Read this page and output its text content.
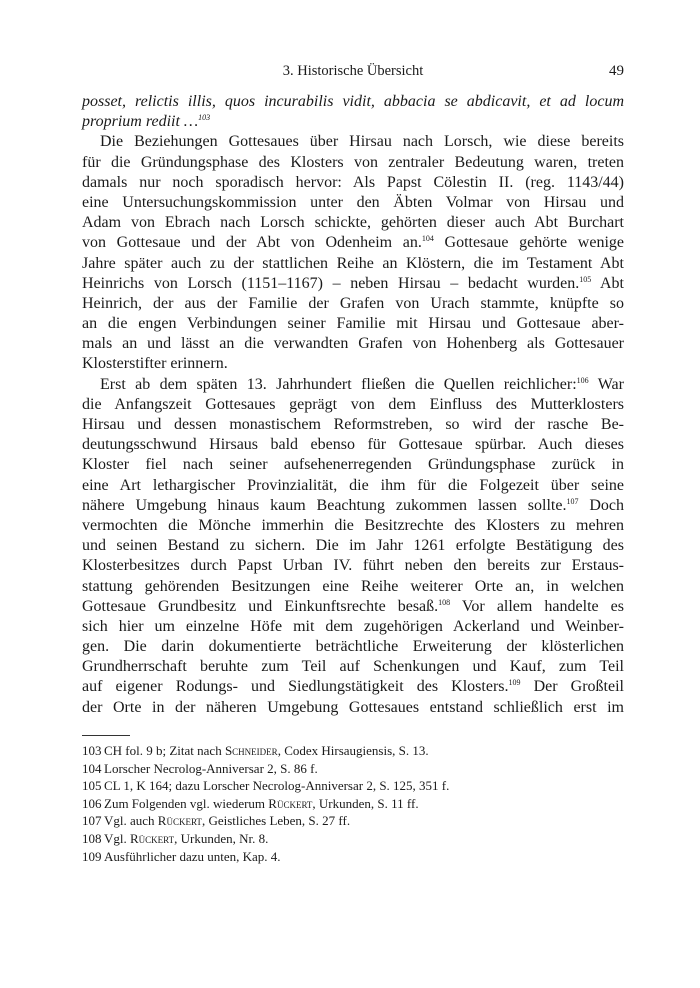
3. Historische Übersicht	49
posset, relictis illis, quos incurabilis vidit, abbacia se abdicavit, et ad locum
proprium rediit …$^{103}$
Die Beziehungen Gottesaues über Hirsau nach Lorsch, wie diese bereits
für die Gründungsphase des Klosters von zentraler Bedeutung waren, treten
damals nur noch sporadisch hervor: Als Papst Cölestin II. (reg. 1143/44)
eine Untersuchungskommission unter den Äbten Volmar von Hirsau und
Adam von Ebrach nach Lorsch schickte, gehörten dieser auch Abt Burchart
von Gottesaue und der Abt von Odenheim an.$^{104}$ Gottesaue gehörte wenige
Jahre später auch zu der stattlichen Reihe an Klöstern, die im Testament Abt
Heinrichs von Lorsch (1151–1167) – neben Hirsau – bedacht wurden.$^{105}$ Abt
Heinrich, der aus der Familie der Grafen von Urach stammte, knüpfte so
an die engen Verbindungen seiner Familie mit Hirsau und Gottesaue aber-
mals an und lässt an die verwandten Grafen von Hohenberg als Gottesauer
Klosterstifter erinnern.
Erst ab dem späten 13. Jahrhundert fließen die Quellen reichlicher:$^{106}$ War
die Anfangszeit Gottesaues geprägt von dem Einfluss des Mutterklosters
Hirsau und dessen monastischem Reformstreben, so wird der rasche Be-
deutungsschwund Hirsaus bald ebenso für Gottesaue spürbar. Auch dieses
Kloster fiel nach seiner aufsehenerregenden Gründungsphase zurück in
eine Art lethargischer Provinzialität, die ihm für die Folgezeit über seine
nähere Umgebung hinaus kaum Beachtung zukommen lassen sollte.$^{107}$ Doch
vermochten die Mönche immerhin die Besitzrechte des Klosters zu mehren
und seinen Bestand zu sichern. Die im Jahr 1261 erfolgte Bestätigung des
Klosterbesitzes durch Papst Urban IV. führt neben den bereits zur Erstaus-
stattung gehörenden Besitzungen eine Reihe weiterer Orte an, in welchen
Gottesaue Grundbesitz und Einkunftsrechte besaß.$^{108}$ Vor allem handelte es
sich hier um einzelne Höfe mit dem zugehörigen Ackerland und Weinber-
gen. Die darin dokumentierte beträchtliche Erweiterung der klösterlichen
Grundherrschaft beruhte zum Teil auf Schenkungen und Kauf, zum Teil
auf eigener Rodungs- und Siedlungstätigkeit des Klosters.$^{109}$ Der Großteil
der Orte in der näheren Umgebung Gottesaues entstand schließlich erst im
103 CH fol. 9 b; Zitat nach Schneider, Codex Hirsaugiensis, S. 13.
104 Lorscher Necrolog-Anniversar 2, S. 86 f.
105 CL 1, K 164; dazu Lorscher Necrolog-Anniversar 2, S. 125, 351 f.
106 Zum Folgenden vgl. wiederum Rückert, Urkunden, S. 11 ff.
107 Vgl. auch Rückert, Geistliches Leben, S. 27 ff.
108 Vgl. Rückert, Urkunden, Nr. 8.
109 Ausführlicher dazu unten, Kap. 4.
